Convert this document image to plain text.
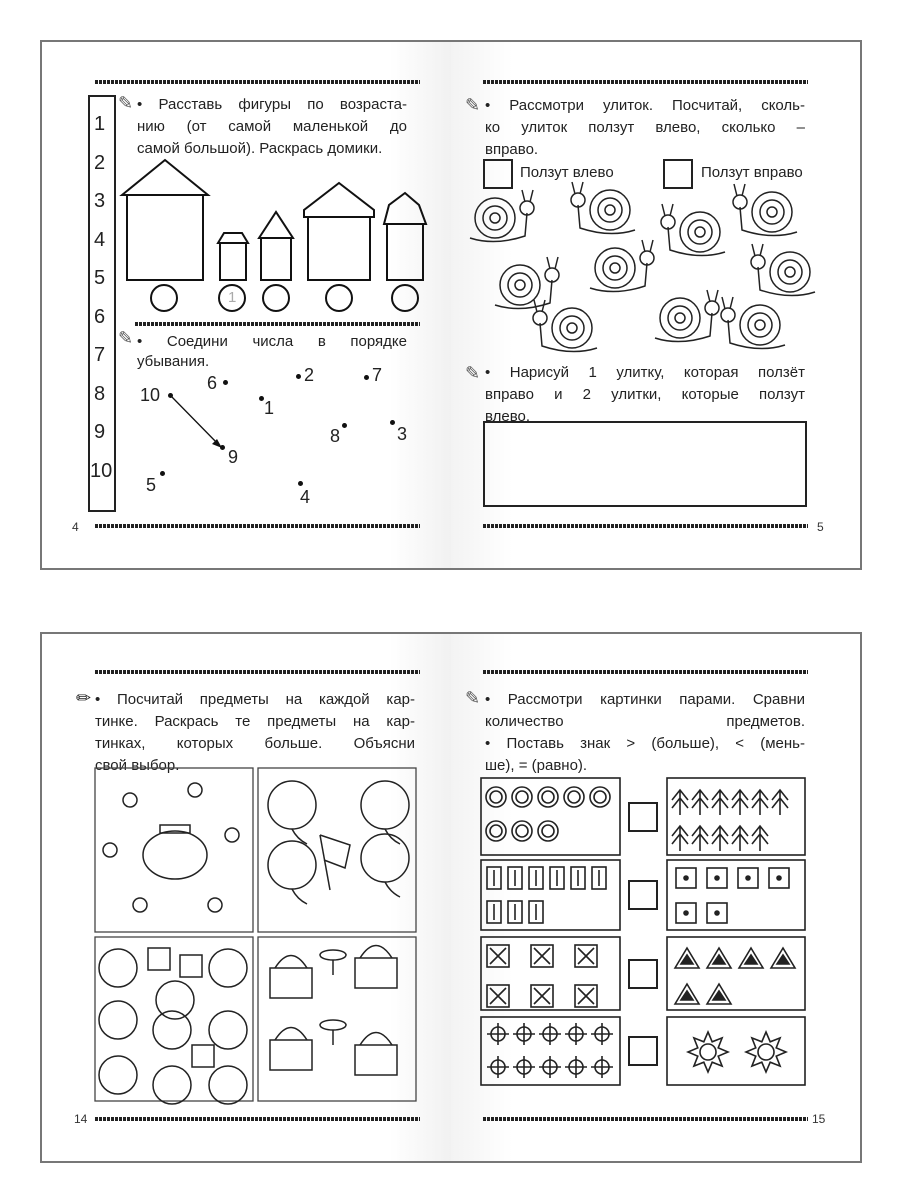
4	5
1
2
3
4
5
6
7
8
9
10
✎ • Расставь фигуры по возраста-
нию (от самой маленькой до
самой большой). Раскрась домики.
1
✎ • Соедини числа в порядке
убывания.
10
6	2	7
1
8	3
9
5
4
✎ • Рассмотри улиток. Посчитай, сколь-
ко улиток ползут влево, сколько –
вправо.
Ползут влево	Ползут вправо
✎ • Нарисуй 1 улитку, которая ползёт
вправо и 2 улитки, которые ползут
влево.
14	15
✏ • Посчитай предметы на каждой кар-
тинке. Раскрась те предметы на кар-
тинках, которых больше. Объясни
свой выбор.
✎ • Рассмотри картинки парами. Сравни
количество предметов.
• Поставь знак > (больше), < (мень-
ше), = (равно).
